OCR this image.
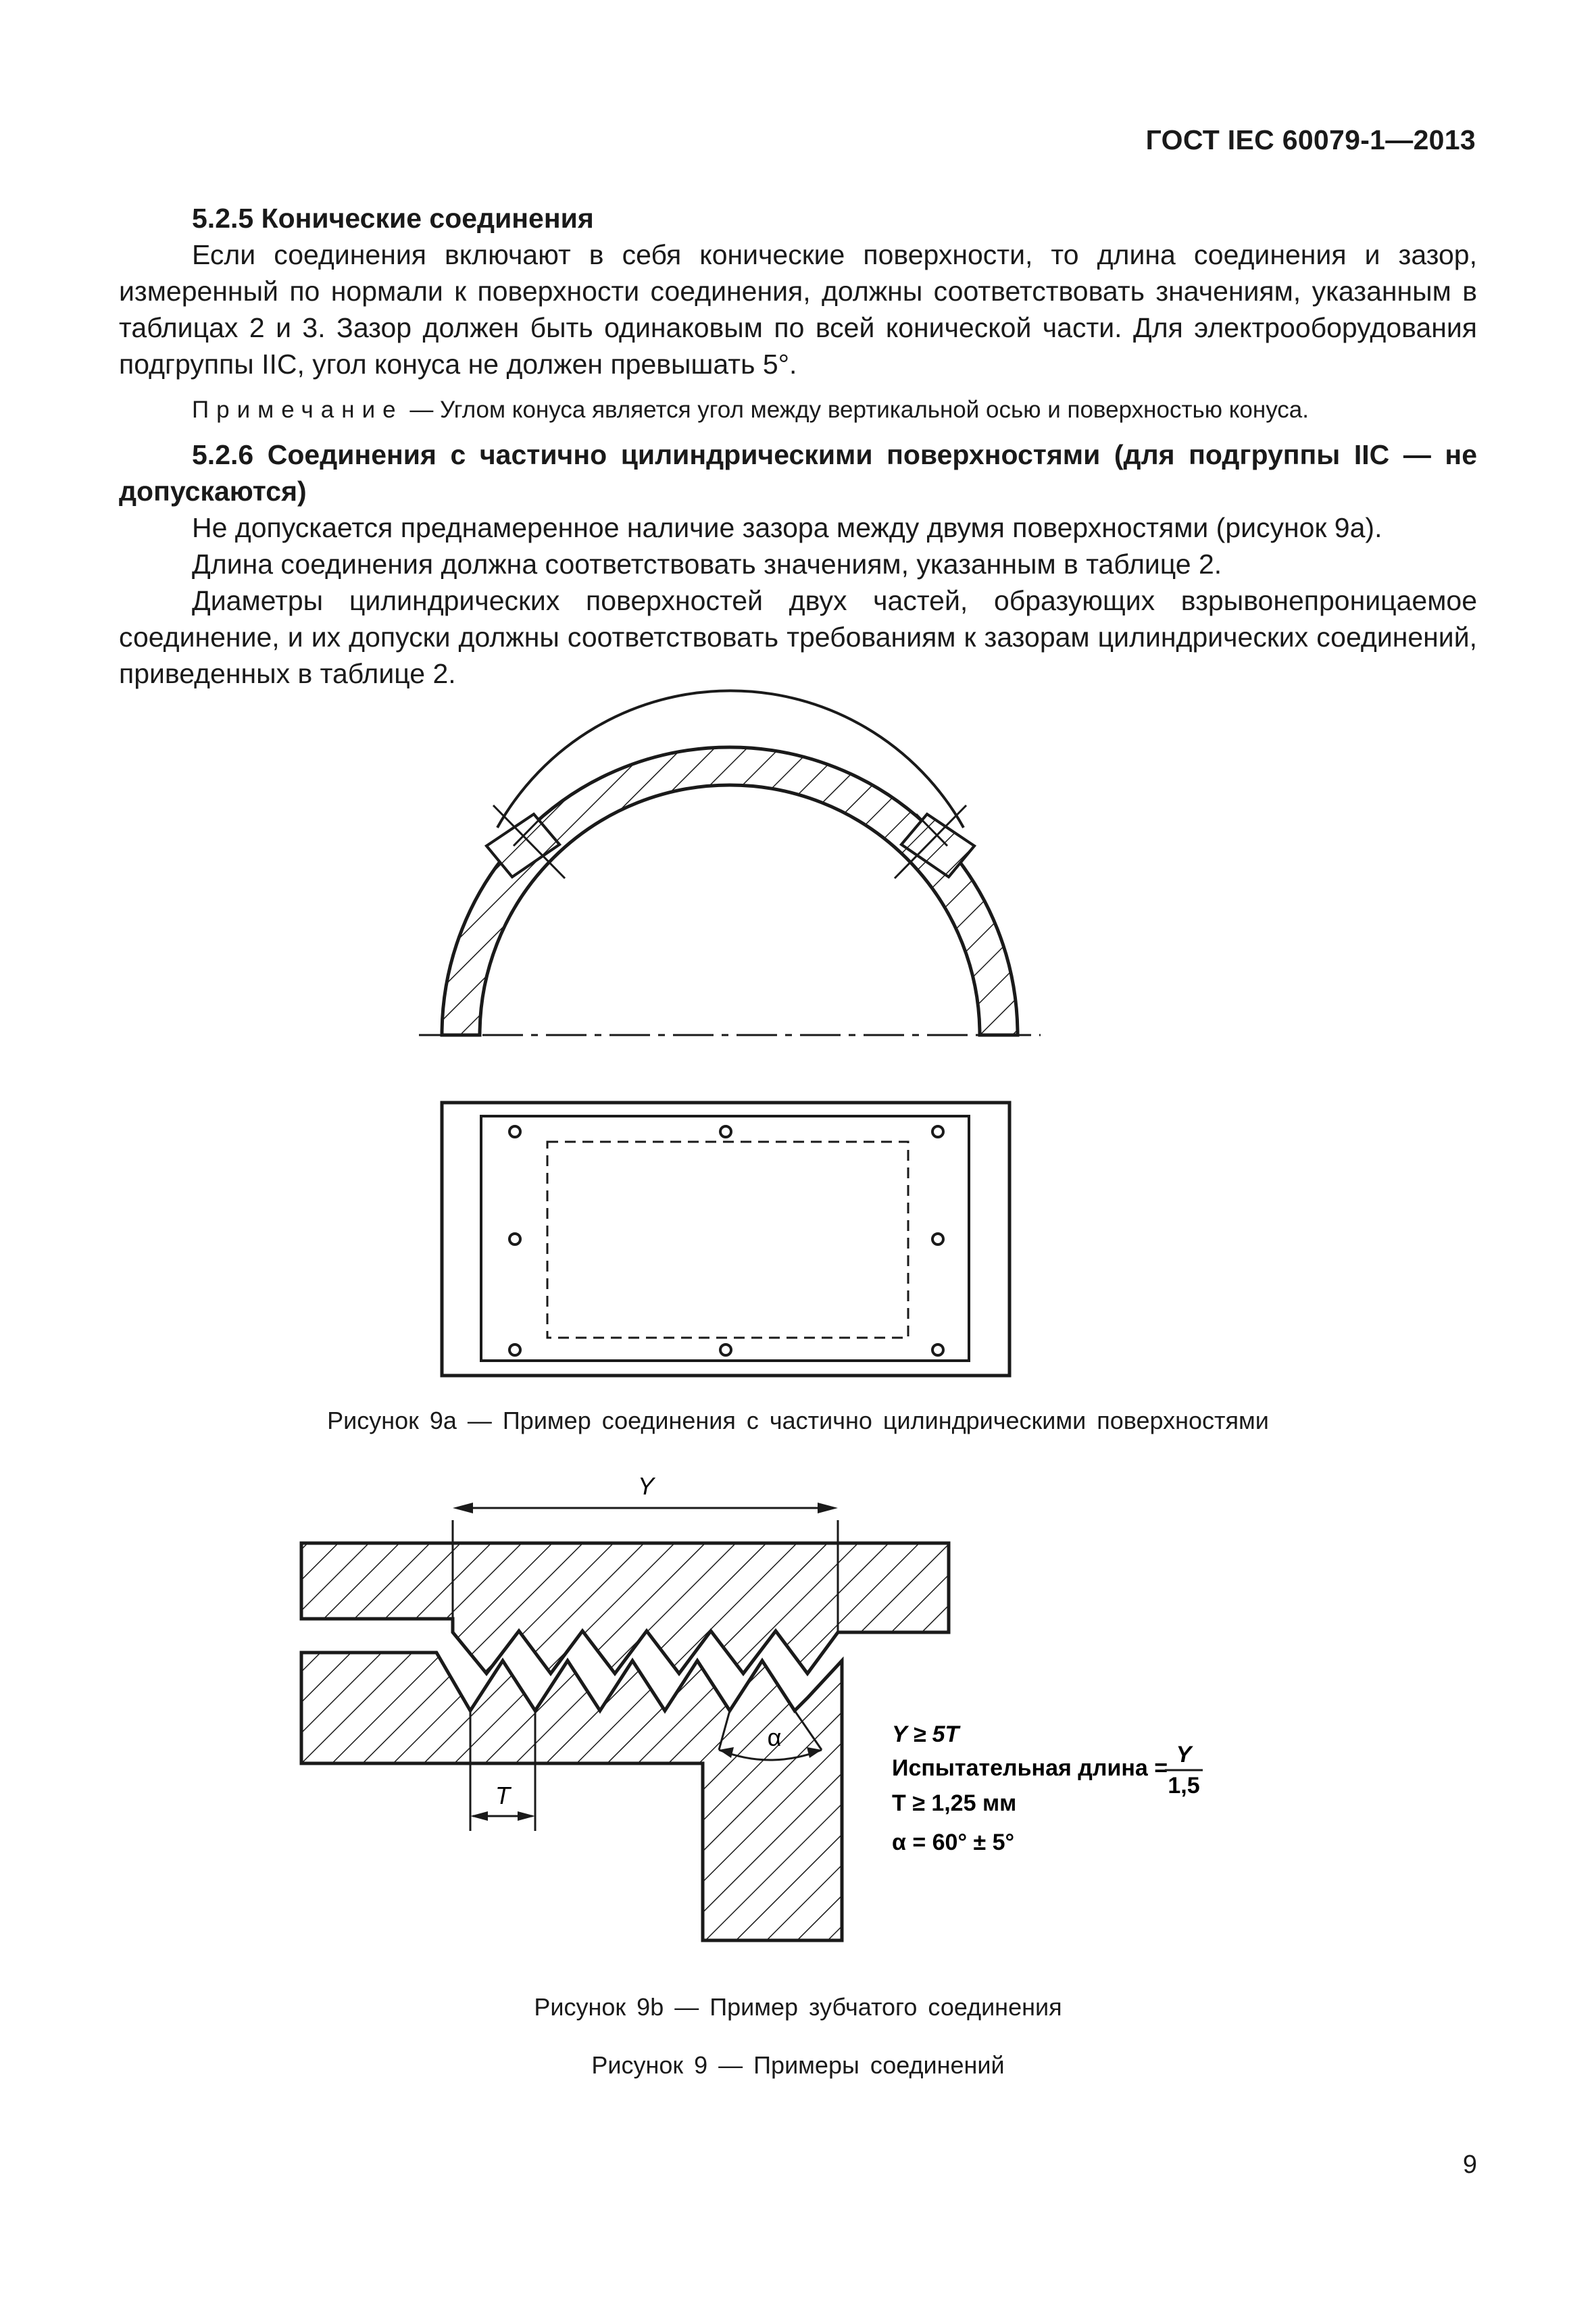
ГОСТ IEC 60079-1—2013

5.2.5 Конические соединения

Если соединения включают в себя конические поверхности, то длина соединения и зазор, измеренный по нормали к поверхности соединения, должны соответствовать значениям, указанным в таблицах 2 и 3. Зазор должен быть одинаковым по всей конической части. Для электрооборудования подгруппы IIC, угол конуса не должен превышать 5°.

Примечание — Углом конуса является угол между вертикальной осью и поверхностью конуса.

5.2.6 Соединения с частично цилиндрическими поверхностями (для подгруппы IIC — не допускаются)

Не допускается преднамеренное наличие зазора между двумя поверхностями (рисунок 9а).

Длина соединения должна соответствовать значениям, указанным в таблице 2.

Диаметры цилиндрических поверхностей двух частей, образующих взрывонепроницаемое соединение, и их допуски должны соответствовать требованиям к зазорам цилиндрических соединений, приведенных в таблице 2.

Рисунок 9а — Пример соединения с частично цилиндрическими поверхностями
Y
T
α	Y ≥ 5T
Испытательная длина =
Y
1,5
T ≥ 1,25 мм
α = 60° ± 5°
Рисунок 9b — Пример зубчатого соединения
Рисунок 9 — Примеры соединений
9
